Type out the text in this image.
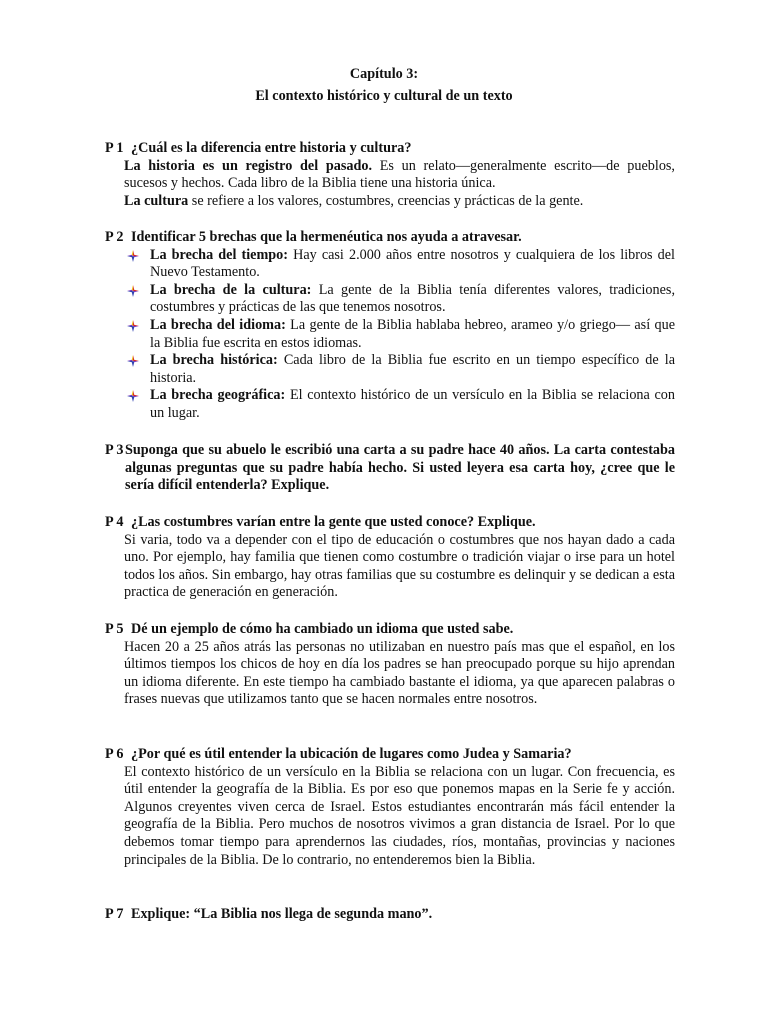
Capítulo 3:
El contexto histórico y cultural de un texto
P 1 ¿Cuál es la diferencia entre historia y cultura?
La historia es un registro del pasado. Es un relato—generalmente escrito—de pueblos, sucesos y hechos. Cada libro de la Biblia tiene una historia única.
La cultura se refiere a los valores, costumbres, creencias y prácticas de la gente.
P 2 Identificar 5 brechas que la hermenéutica nos ayuda a atravesar.
La brecha del tiempo: Hay casi 2.000 años entre nosotros y cualquiera de los libros del Nuevo Testamento.
La brecha de la cultura: La gente de la Biblia tenía diferentes valores, tradiciones, costumbres y prácticas de las que tenemos nosotros.
La brecha del idioma: La gente de la Biblia hablaba hebreo, arameo y/o griego— así que la Biblia fue escrita en estos idiomas.
La brecha histórica: Cada libro de la Biblia fue escrito en un tiempo específico de la historia.
La brecha geográfica: El contexto histórico de un versículo en la Biblia se relaciona con un lugar.
P 3 Suponga que su abuelo le escribió una carta a su padre hace 40 años. La carta contestaba algunas preguntas que su padre había hecho. Si usted leyera esa carta hoy, ¿cree que le sería difícil entenderla? Explique.
P 4 ¿Las costumbres varían entre la gente que usted conoce? Explique.
Si varia, todo va a depender con el tipo de educación o costumbres que nos hayan dado a cada uno. Por ejemplo, hay familia que tienen como costumbre o tradición viajar o irse para un hotel todos los años. Sin embargo, hay otras familias que su costumbre es delinquir y se dedican a esta practica de generación en generación.
P 5 Dé un ejemplo de cómo ha cambiado un idioma que usted sabe.
Hacen 20 a 25 años atrás las personas no utilizaban en nuestro país mas que el español, en los últimos tiempos los chicos de hoy en día los padres se han preocupado porque su hijo aprendan un idioma diferente. En este tiempo ha cambiado bastante el idioma, ya que aparecen palabras o frases nuevas que utilizamos tanto que se hacen normales entre nosotros.
P 6 ¿Por qué es útil entender la ubicación de lugares como Judea y Samaria?
El contexto histórico de un versículo en la Biblia se relaciona con un lugar. Con frecuencia, es útil entender la geografía de la Biblia. Es por eso que ponemos mapas en la Serie fe y acción. Algunos creyentes viven cerca de Israel. Estos estudiantes encontrarán más fácil entender la geografía de la Biblia. Pero muchos de nosotros vivimos a gran distancia de Israel. Por lo que debemos tomar tiempo para aprendernos las ciudades, ríos, montañas, provincias y naciones principales de la Biblia. De lo contrario, no entenderemos bien la Biblia.
P 7 Explique: “La Biblia nos llega de segunda mano”.
